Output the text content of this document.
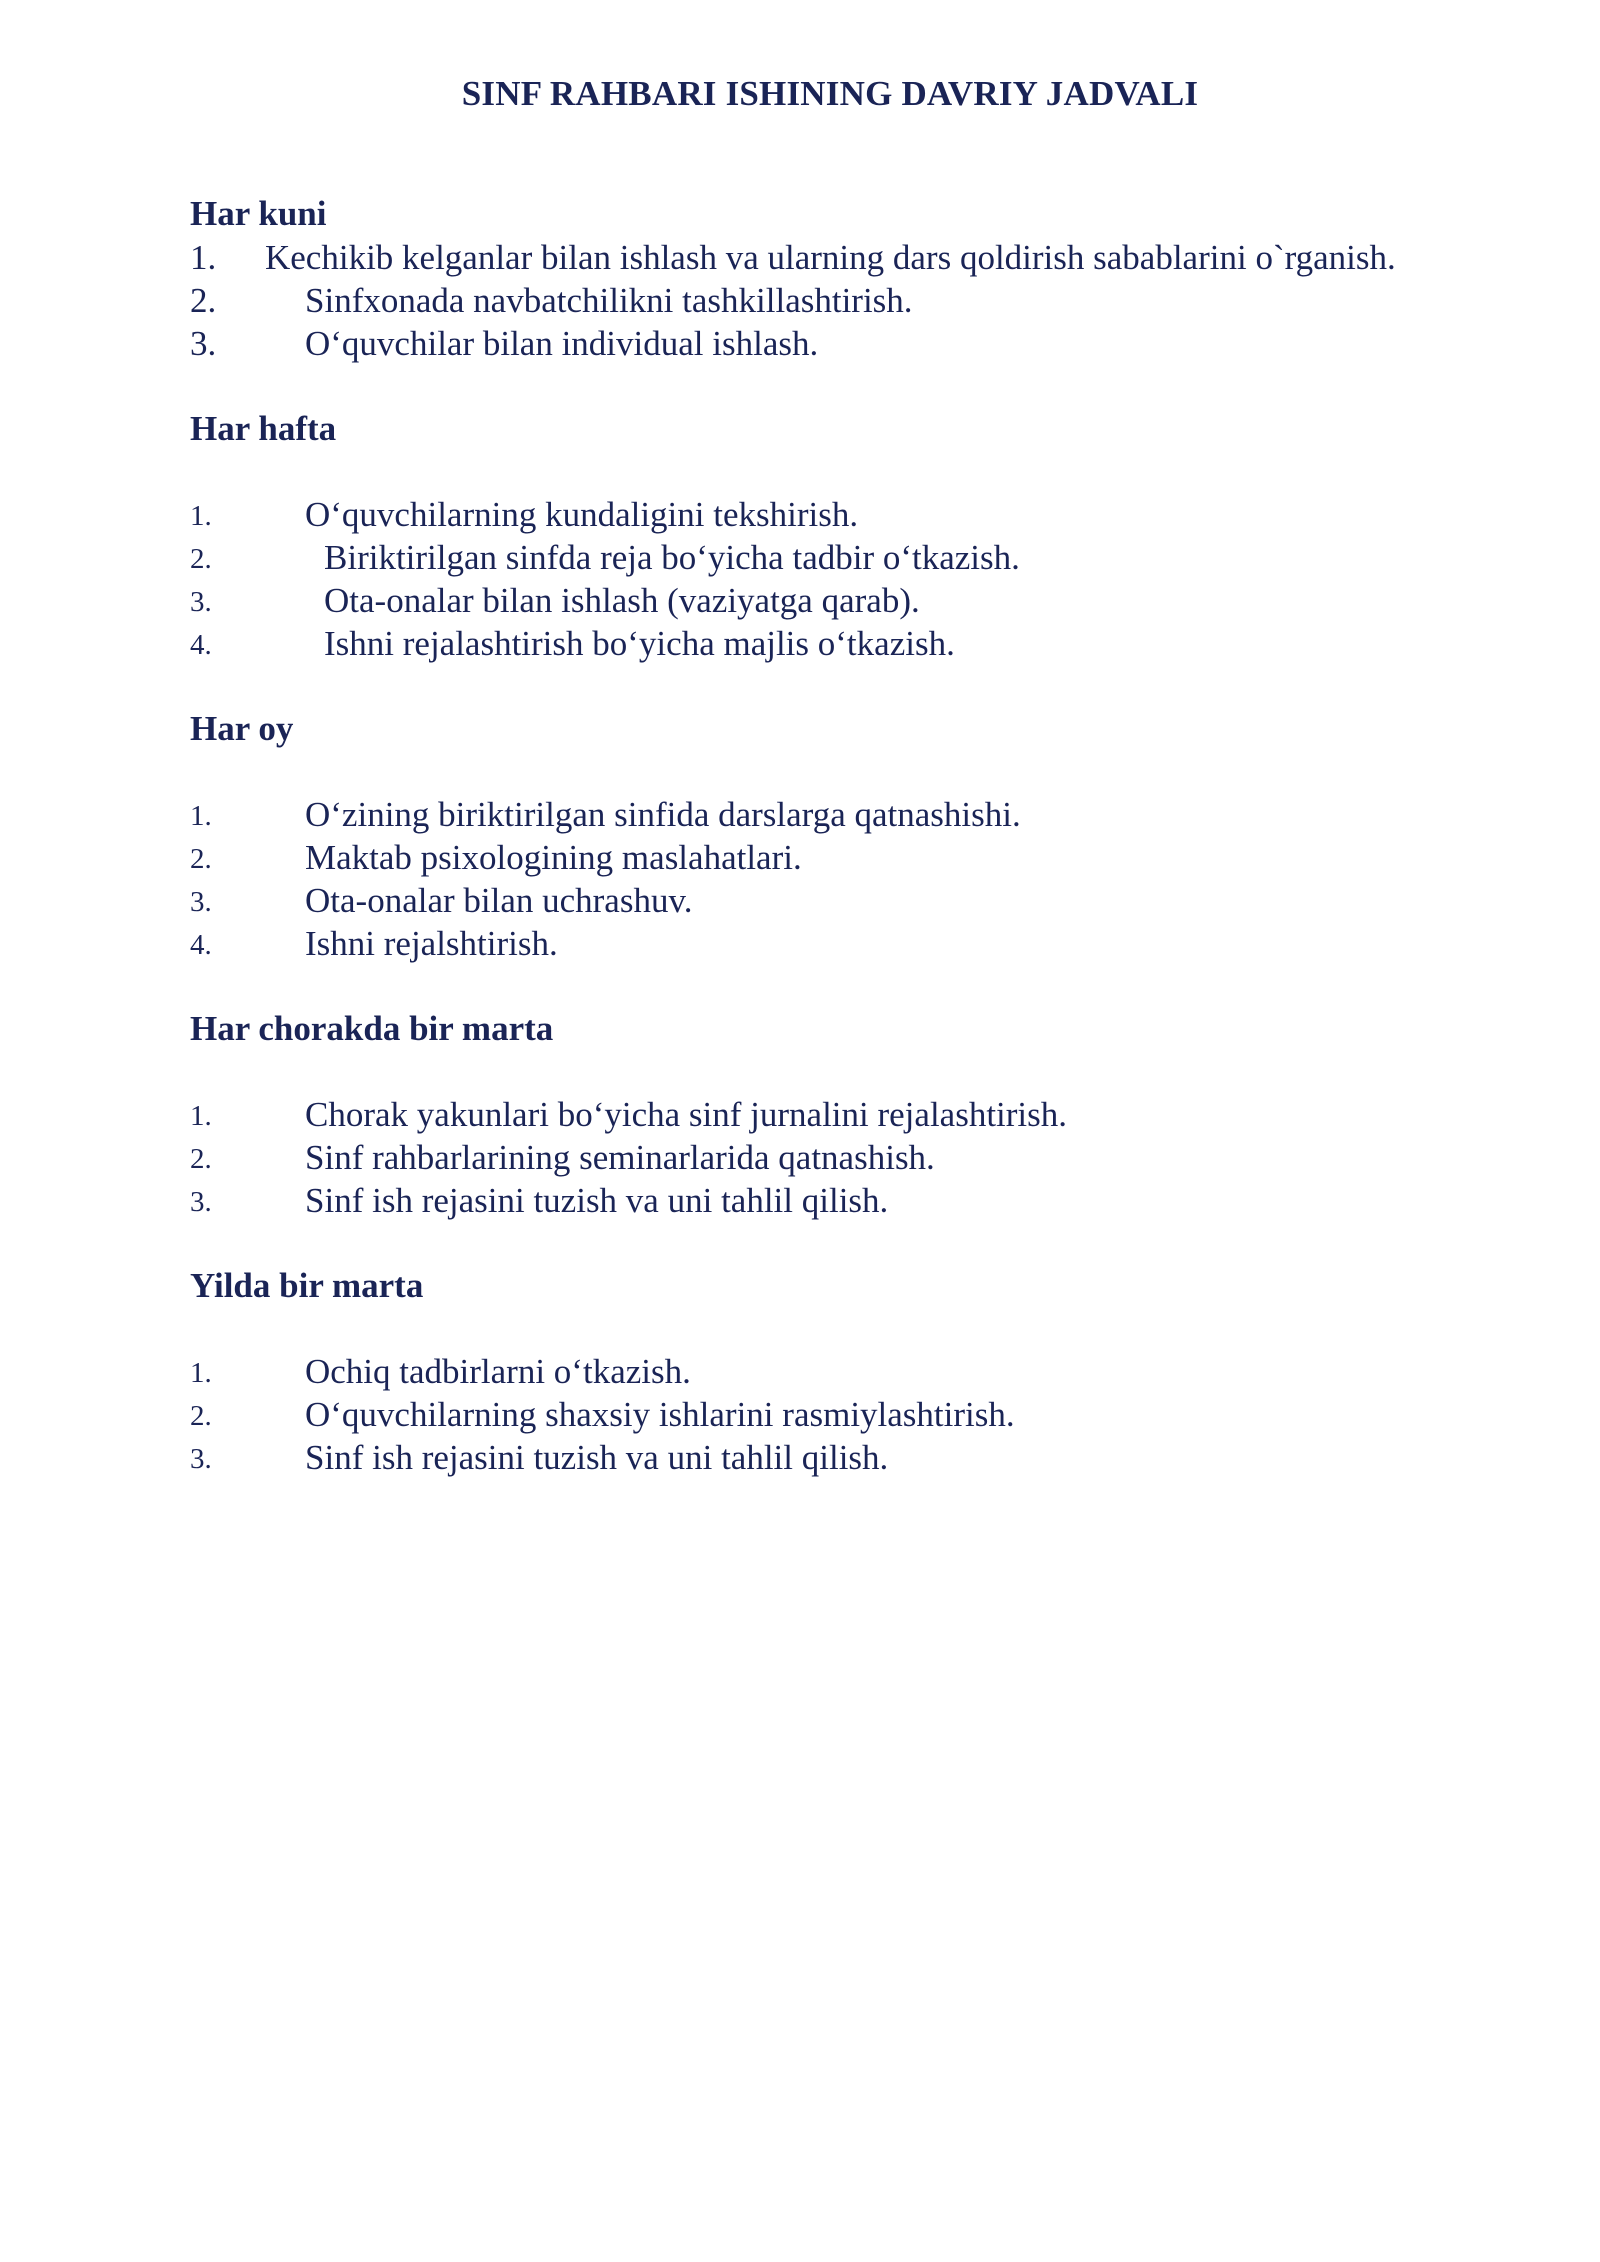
SINF RAHBARI ISHINING DAVRIY JADVALI
Har kuni
1. Kechikib kelganlar bilan ishlash va ularning dars qoldirish sabablarini o`rganish.
2.	Sinfxonada navbatchilikni tashkillashtirish.
3.	O‘quvchilar bilan individual ishlash.
Har hafta
1.	O‘quvchilarning kundaligini tekshirish.
2.	Biriktirilgan sinfda reja bo‘yicha tadbir o‘tkazish.
3.	Ota-onalar bilan ishlash (vaziyatga qarab).
4.	Ishni rejalashtirish bo‘yicha majlis o‘tkazish.
Har oy
1.	O‘zining biriktirilgan sinfida darslarga qatnashishi.
2.	Maktab psixologining maslahatlari.
3.	Ota-onalar bilan uchrashuv.
4.	Ishni rejalshtirish.
Har chorakda bir marta
1.	Chorak yakunlari bo‘yicha sinf jurnalini rejalashtirish.
2.	Sinf rahbarlarining seminarlarida qatnashish.
3.	Sinf ish rejasini tuzish va uni tahlil qilish.
Yilda bir marta
1.	Ochiq tadbirlarni o‘tkazish.
2.	O‘quvchilarning shaxsiy ishlarini rasmiylashtirish.
3.	Sinf ish rejasini tuzish va uni tahlil qilish.
